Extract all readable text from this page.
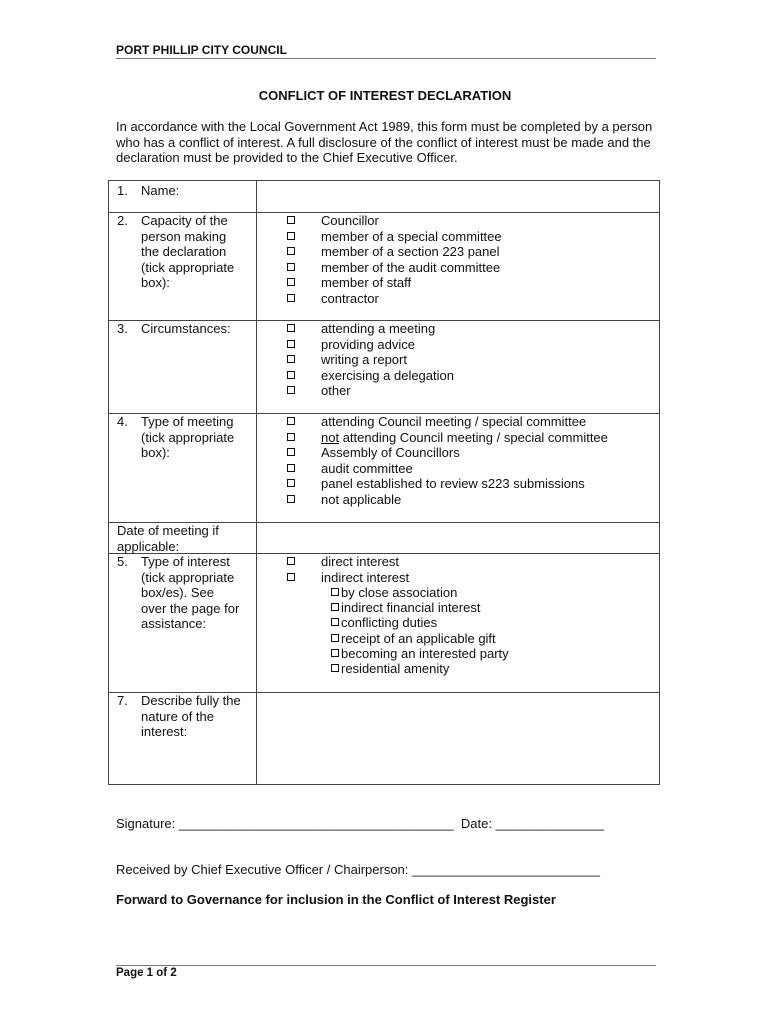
PORT PHILLIP CITY COUNCIL
CONFLICT OF INTEREST DECLARATION
In accordance with the Local Government Act 1989, this form must be completed by a person who has a conflict of interest. A full disclosure of the conflict of interest must be made and the declaration must be provided to the Chief Executive Officer.
1. Name:
2. Capacity of the
person making
the declaration
(tick appropriate
box):
Councillor
member of a special committee
member of a section 223 panel
member of the audit committee
member of staff
contractor
3. Circumstances:	attending a meeting
providing advice
writing a report
exercising a delegation
other
4. Type of meeting
(tick appropriate
box):
attending Council meeting / special committee
not attending Council meeting / special committee
Assembly of Councillors
audit committee
panel established to review s223 submissions
not applicable
Date of meeting if applicable:
5. Type of interest
(tick appropriate
box/es). See
over the page for
assistance:
direct interest
indirect interest
by close association
indirect financial interest
conflicting duties
receipt of an applicable gift
becoming an interested party
residential amenity
7. Describe fully the
nature of the
interest:
Signature: ______________________________________ Date: _______________
Received by Chief Executive Officer / Chairperson: __________________________
Forward to Governance for inclusion in the Conflict of Interest Register
Page 1 of 2
